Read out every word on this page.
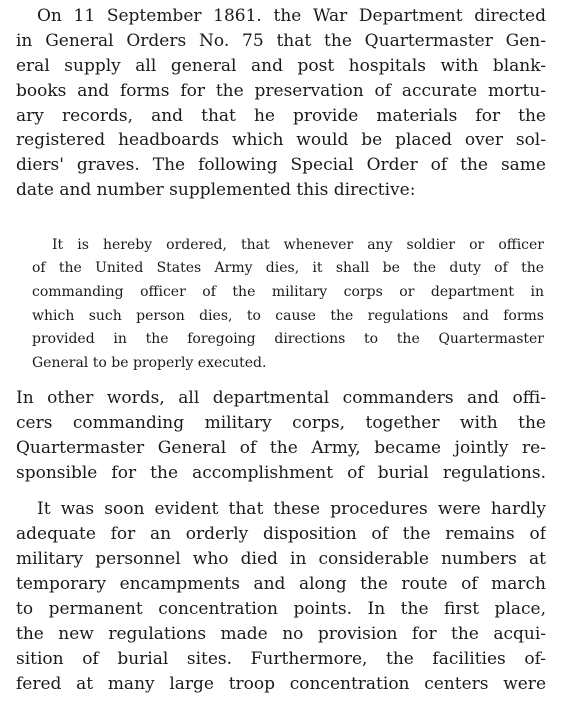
On 11 September 1861. the War Department directed
in General Orders No. 75 that the Quartermaster Gen-
eral supply all general and post hospitals with blank-
books and forms for the preservation of accurate mortu-
ary records, and that he provide materials for the
registered headboards which would be placed over sol-
diers' graves. The following Special Order of the same
date and number supplemented this directive:
It is hereby ordered, that whenever any soldier or officer
of the United States Army dies, it shall be the duty of the
commanding officer of the military corps or department in
which such person dies, to cause the regulations and forms
provided in the foregoing directions to the Quartermaster
General to be properly executed.
In other words, all departmental commanders and offi-
cers commanding military corps, together with the
Quartermaster General of the Army, became jointly re-
sponsible for the accomplishment of burial regulations.
It was soon evident that these procedures were hardly
adequate for an orderly disposition of the remains of
military personnel who died in considerable numbers at
temporary encampments and along the route of march
to permanent concentration points. In the first place,
the new regulations made no provision for the acqui-
sition of burial sites. Furthermore, the facilities of-
fered at many large troop concentration centers were
